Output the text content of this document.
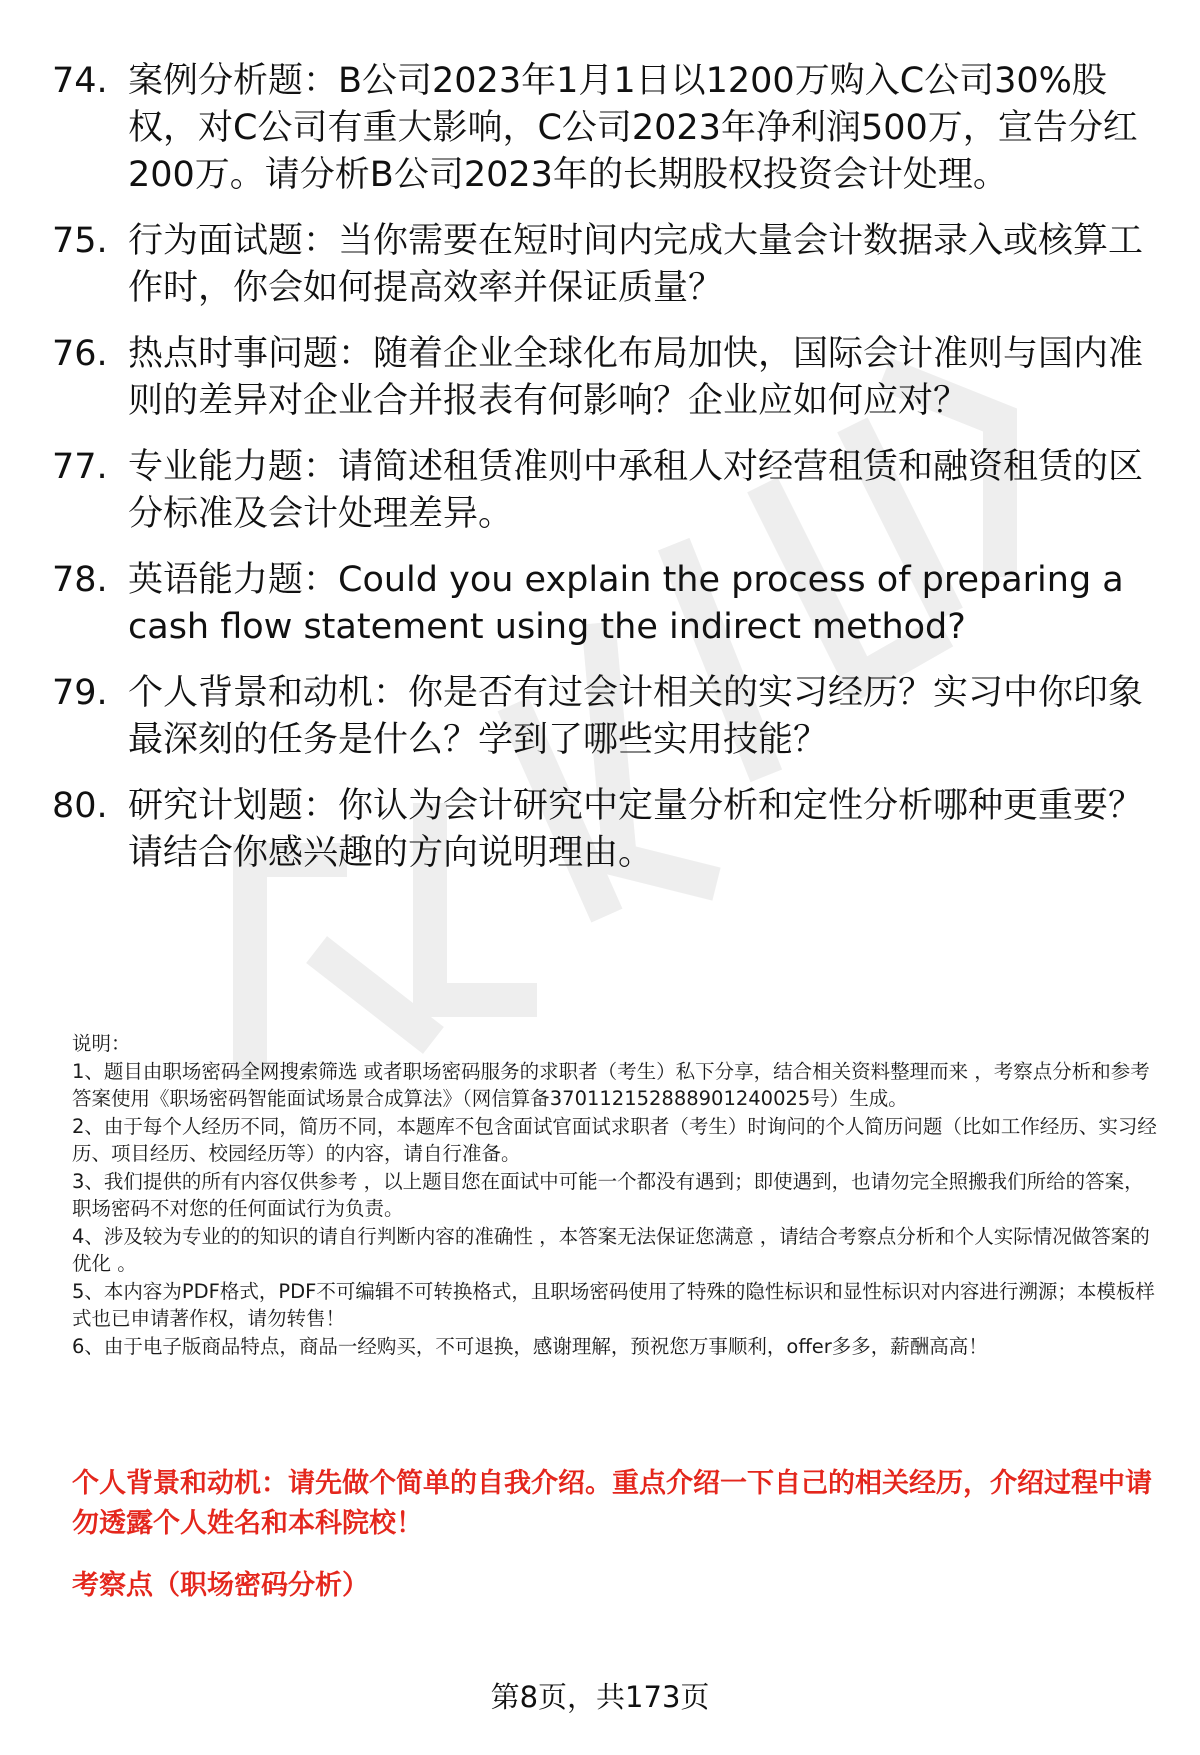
74. 案例分析题：B公司2023年1月1日以1200万购入C公司30%股权，对C公司有重大影响，C公司2023年净利润500万，宣告分红200万。请分析B公司2023年的长期股权投资会计处理。
75. 行为面试题：当你需要在短时间内完成大量会计数据录入或核算工作时，你会如何提高效率并保证质量？
76. 热点时事问题：随着企业全球化布局加快，国际会计准则与国内准则的差异对企业合并报表有何影响？企业应如何应对？
77. 专业能力题：请简述租赁准则中承租人对经营租赁和融资租赁的区分标准及会计处理差异。
78. 英语能力题：Could you explain the process of preparing a cash flow statement using the indirect method?
79. 个人背景和动机：你是否有过会计相关的实习经历？实习中你印象最深刻的任务是什么？学到了哪些实用技能？
80. 研究计划题：你认为会计研究中定量分析和定性分析哪种更重要？请结合你感兴趣的方向说明理由。

说明：

1、题目由职场密码全网搜索筛选 或者职场密码服务的求职者（考生）私下分享，结合相关资料整理而来 ，考察点分析和参考答案使用《职场密码智能面试场景合成算法》（网信算备370112152888901240025号）生成。

2、由于每个人经历不同，简历不同，本题库不包含面试官面试求职者（考生）时询问的个人简历问题（比如工作经历、实习经历、项目经历、校园经历等）的内容，请自行准备。

3、我们提供的所有内容仅供参考 ，以上题目您在面试中可能一个都没有遇到；即使遇到，也请勿完全照搬我们所给的答案，职场密码不对您的任何面试行为负责。

4、涉及较为专业的的知识的请自行判断内容的准确性 ，本答案无法保证您满意 ，请结合考察点分析和个人实际情况做答案的优化 。

5、本内容为PDF格式，PDF不可编辑不可转换格式，且职场密码使用了特殊的隐性标识和显性标识对内容进行溯源；本模板样式也已申请著作权，请勿转售！

6、由于电子版商品特点，商品一经购买，不可退换，感谢理解，预祝您万事顺利，offer多多，薪酬高高！

个人背景和动机：请先做个简单的自我介绍。重点介绍一下自己的相关经历，介绍过程中请勿透露个人姓名和本科院校！
考察点（职场密码分析）
第8页，共173页
